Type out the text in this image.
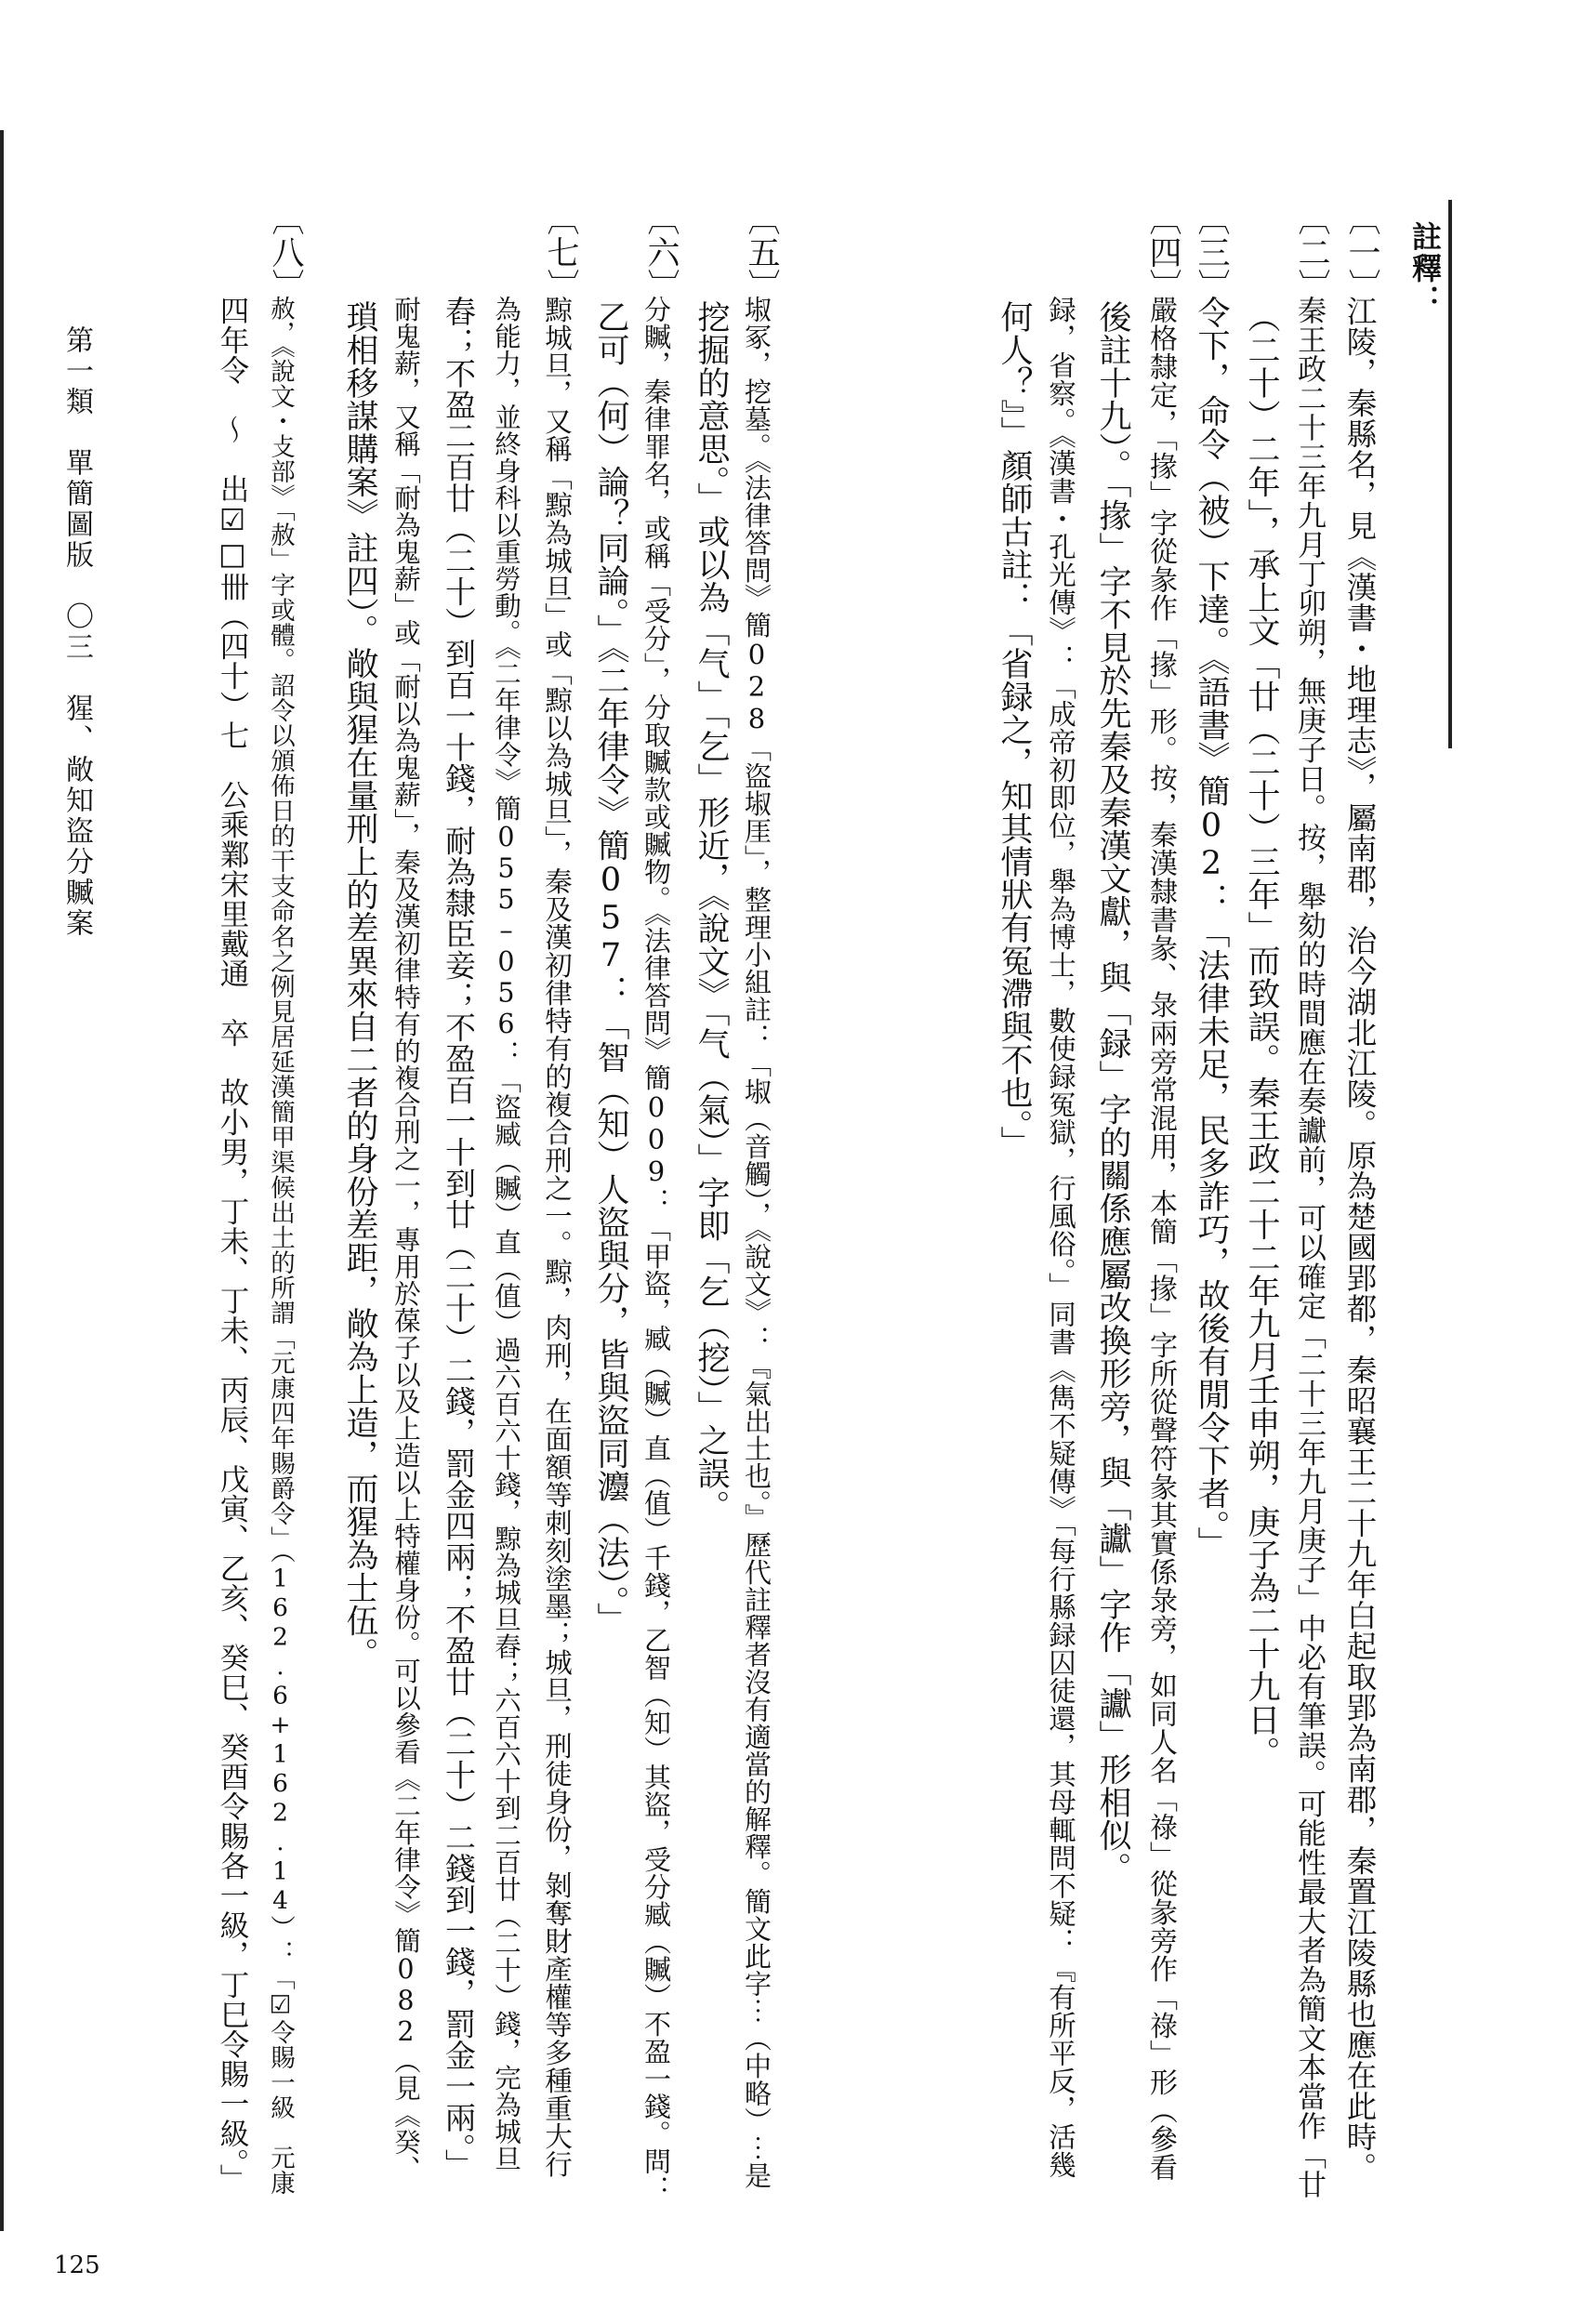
註釋：
第一類　單簡圖版　〇三　猩、敞知盜分贓案
125
〔一〕
江陵，秦縣名，見《漢書・地理志》，屬南郡，治今湖北江陵。原為楚國郢都，秦昭襄王二十九年白起取郢為南郡，秦置江陵縣也應在此時。
〔二〕
秦王政二十三年九月丁卯朔，無庚子日。按，舉劾的時間應在奏讞前，可以確定「二十三年九月庚子」中必有筆誤。可能性最大者為簡文本當作「廿
（二十）二年」，承上文「廿（二十）三年」而致誤。秦王政二十二年九月壬申朔，庚子為二十九日。
〔三〕
令下，命令（被）下達。《語書》簡02：「法律未足，民多詐巧，故後有閒令下者。」
〔四〕
嚴格隸定，「掾」字從彖作「掾」形。按，秦漢隸書彖、彔兩旁常混用，本簡「掾」字所從聲符彖其實係彔旁，如同人名「祿」從彖旁作「祿」形（參看
後註十九）。「掾」字不見於先秦及秦漢文獻，與「録」字的關係應屬改換形旁，與「讞」字作「讞」形相似。
録，省察。《漢書・孔光傳》：「成帝初即位，舉為博士，數使録冤獄，行風俗。」同書《雋不疑傳》「每行縣録囚徒還，其母輒問不疑：『有所平反，活幾
何人？』」顏師古註：「省録之，知其情狀有冤滯與不也。」
〔五〕
埱冢，挖墓。《法律答問》簡028「盜埱厓」，整理小組註：「埱（音觸），《說文》：『氣出土也。』歷代註釋者沒有適當的解釋。簡文此字⋯（中略）⋯是
挖掘的意思。」或以為「气」「乞」形近，《說文》「气（氣）」字即「乞（挖）」之誤。
〔六〕
分贓，秦律罪名，或稱「受分」，分取贓款或贓物。《法律答問》簡009：「甲盜，臧（贓）直（值）千錢，乙智（知）其盜，受分臧（贓）不盈一錢。問：
乙可（何）論？同論。」《二年律令》簡057：「智（知）人盜與分，皆與盜同灋（法）。」
〔七〕
黥城旦，又稱「黥為城旦」或「黥以為城旦」，秦及漢初律特有的複合刑之一。黥，肉刑，在面額等刺刻塗墨；城旦，刑徒身份，剝奪財產權等多種重大行
為能力，並終身科以重勞動。《二年律令》簡055–056：「盜臧（贓）直（值）過六百六十錢，黥為城旦舂；六百六十到二百廿（二十）錢，完為城旦
舂；不盈二百廿（二十）到百一十錢，耐為隸臣妾；不盈百一十到廿（二十）二錢，罰金四兩；不盈廿（二十）二錢到一錢，罰金一兩。」
耐鬼薪，又稱「耐為鬼薪」或「耐以為鬼薪」，秦及漢初律特有的複合刑之一，專用於葆子以及上造以上特權身份。可以參看《二年律令》簡082（見《癸、
瑣相移謀購案》註四）。敞與猩在量刑上的差異來自二者的身份差距，敞為上造，而猩為士伍。
〔八〕
赦，《說文・攴部》「赦」字或體。詔令以頒佈日的干支命名之例見居延漢簡甲渠候出土的所謂「元康四年賜爵令」（162.6+162.14）：「☑令賜一級　元康
四年令　～　出☑□卌（四十）七　公乘鄴宋里戴通　卒　故小男，丁未、丁未、丙辰、戊寅、乙亥、癸巳、癸酉令賜各一級，丁巳令賜一級。」
